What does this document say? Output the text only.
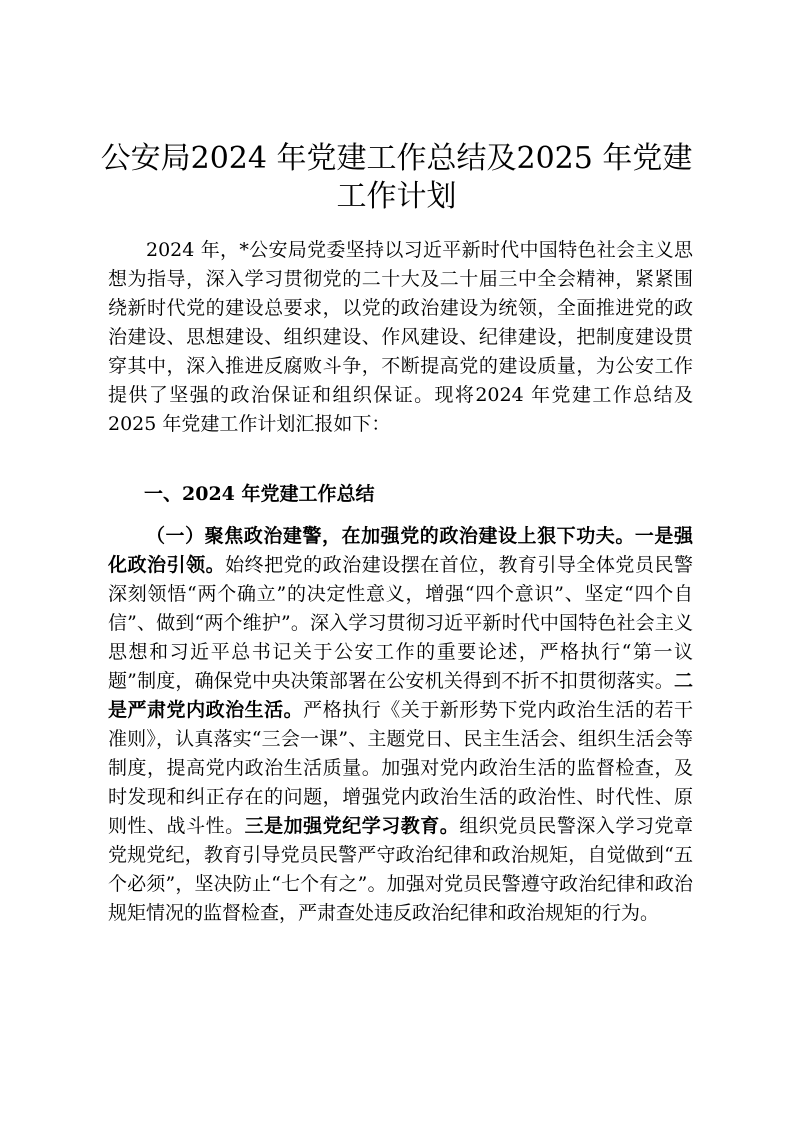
公安局2024 年党建工作总结及2025 年党建
工作计划

2024 年，*公安局党委坚持以习近平新时代中国特色社会主义思想为指导，深入学习贯彻党的二十大及二十届三中全会精神，紧紧围绕新时代党的建设总要求，以党的政治建设为统领，全面推进党的政治建设、思想建设、组织建设、作风建设、纪律建设，把制度建设贯穿其中，深入推进反腐败斗争，不断提高党的建设质量，为公安工作提供了坚强的政治保证和组织保证。现将2024 年党建工作总结及2025 年党建工作计划汇报如下：

一、2024 年党建工作总结

（一）聚焦政治建警，在加强党的政治建设上狠下功夫。一是强化政治引领。始终把党的政治建设摆在首位，教育引导全体党员民警深刻领悟“两个确立”的决定性意义，增强“四个意识”、坚定“四个自信”、做到“两个维护”。深入学习贯彻习近平新时代中国特色社会主义思想和习近平总书记关于公安工作的重要论述，严格执行“第一议题”制度，确保党中央决策部署在公安机关得到不折不扣贯彻落实。二是严肃党内政治生活。严格执行《关于新形势下党内政治生活的若干准则》，认真落实“三会一课”、主题党日、民主生活会、组织生活会等制度，提高党内政治生活质量。加强对党内政治生活的监督检查，及时发现和纠正存在的问题，增强党内政治生活的政治性、时代性、原则性、战斗性。三是加强党纪学习教育。组织党员民警深入学习党章党规党纪，教育引导党员民警严守政治纪律和政治规矩，自觉做到“五个必须”，坚决防止“七个有之”。加强对党员民警遵守政治纪律和政治规矩情况的监督检查，严肃查处违反政治纪律和政治规矩的行为。
